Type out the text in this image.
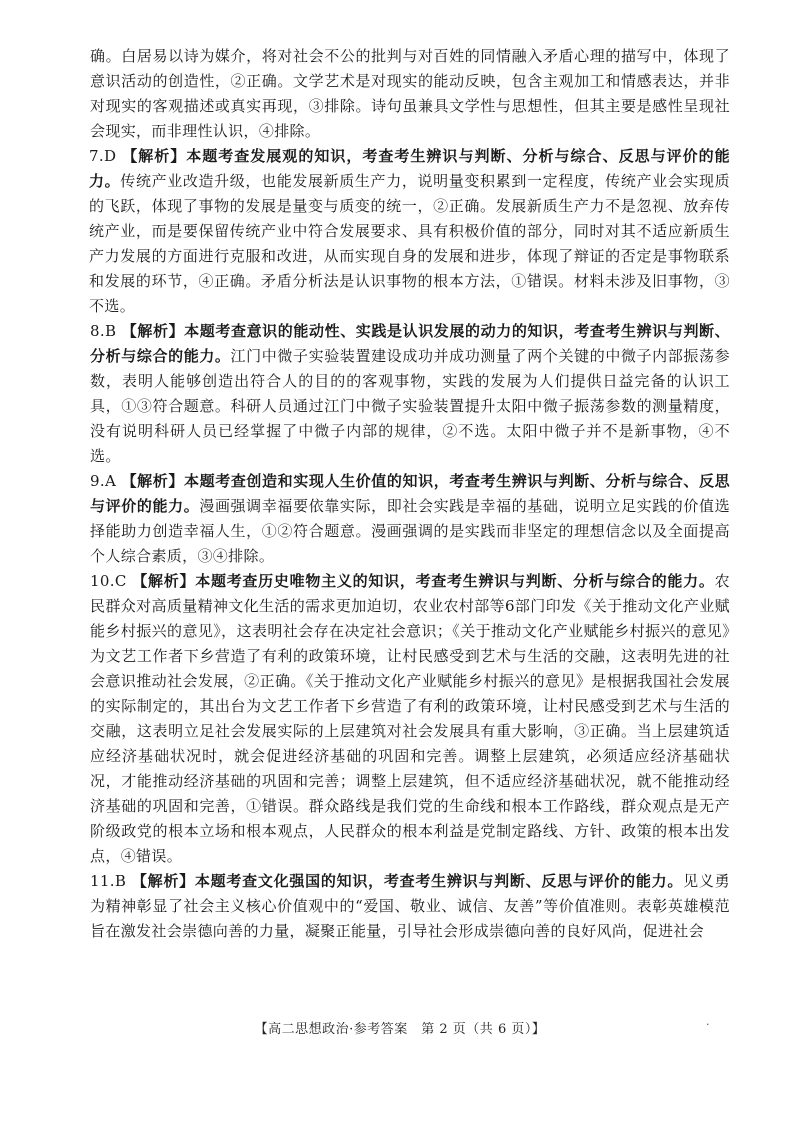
确。白居易以诗为媒介，将对社会不公的批判与对百姓的同情融入矛盾心理的描写中，体现了意识活动的创造性，②正确。文学艺术是对现实的能动反映，包含主观加工和情感表达，并非对现实的客观描述或真实再现，③排除。诗句虽兼具文学性与思想性，但其主要是感性呈现社会现实，而非理性认识，④排除。

7.D 【解析】本题考查发展观的知识，考查考生辨识与判断、分析与综合、反思与评价的能力。传统产业改造升级，也能发展新质生产力，说明量变积累到一定程度，传统产业会实现质的飞跃，体现了事物的发展是量变与质变的统一，②正确。发展新质生产力不是忽视、放弃传统产业，而是要保留传统产业中符合发展要求、具有积极价值的部分，同时对其不适应新质生产力发展的方面进行克服和改进，从而实现自身的发展和进步，体现了辩证的否定是事物联系和发展的环节，④正确。矛盾分析法是认识事物的根本方法，①错误。材料未涉及旧事物，③不选。

8.B 【解析】本题考查意识的能动性、实践是认识发展的动力的知识，考查考生辨识与判断、分析与综合的能力。江门中微子实验装置建设成功并成功测量了两个关键的中微子内部振荡参数，表明人能够创造出符合人的目的的客观事物，实践的发展为人们提供日益完备的认识工具，①③符合题意。科研人员通过江门中微子实验装置提升太阳中微子振荡参数的测量精度，没有说明科研人员已经掌握了中微子内部的规律，②不选。太阳中微子并不是新事物，④不选。

9.A 【解析】本题考查创造和实现人生价值的知识，考查考生辨识与判断、分析与综合、反思与评价的能力。漫画强调幸福要依靠实际，即社会实践是幸福的基础，说明立足实践的价值选择能助力创造幸福人生，①②符合题意。漫画强调的是实践而非坚定的理想信念以及全面提高个人综合素质，③④排除。

10.C 【解析】本题考查历史唯物主义的知识，考查考生辨识与判断、分析与综合的能力。农民群众对高质量精神文化生活的需求更加迫切，农业农村部等6部门印发《关于推动文化产业赋能乡村振兴的意见》，这表明社会存在决定社会意识；《关于推动文化产业赋能乡村振兴的意见》为文艺工作者下乡营造了有利的政策环境，让村民感受到艺术与生活的交融，这表明先进的社会意识推动社会发展，②正确。《关于推动文化产业赋能乡村振兴的意见》是根据我国社会发展的实际制定的，其出台为文艺工作者下乡营造了有利的政策环境，让村民感受到艺术与生活的交融，这表明立足社会发展实际的上层建筑对社会发展具有重大影响，③正确。当上层建筑适应经济基础状况时，就会促进经济基础的巩固和完善。调整上层建筑，必须适应经济基础状况，才能推动经济基础的巩固和完善；调整上层建筑，但不适应经济基础状况，就不能推动经济基础的巩固和完善，①错误。群众路线是我们党的生命线和根本工作路线，群众观点是无产阶级政党的根本立场和根本观点，人民群众的根本利益是党制定路线、方针、政策的根本出发点，④错误。

11.B 【解析】本题考查文化强国的知识，考查考生辨识与判断、反思与评价的能力。见义勇为精神彰显了社会主义核心价值观中的“爱国、敬业、诚信、友善”等价值准则。表彰英雄模范旨在激发社会崇德向善的力量，凝聚正能量，引导社会形成崇德向善的良好风尚，促进社会

【高二思想政治·参考答案　第 2 页（共 6 页）】	·
